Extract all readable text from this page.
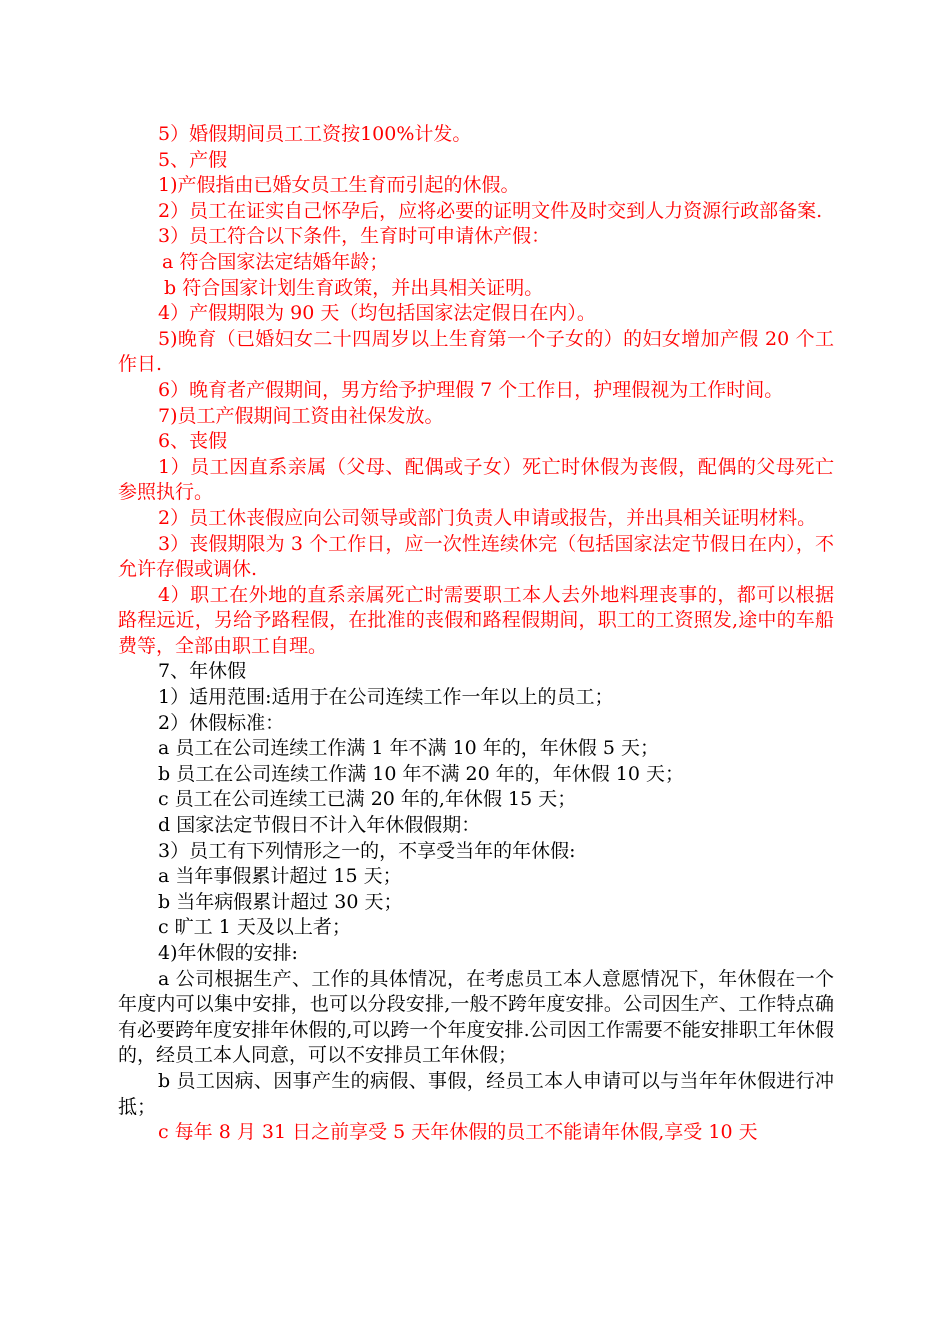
5）婚假期间员工工资按100%计发。

5、产假

1)产假指由已婚女员工生育而引起的休假。

2）员工在证实自己怀孕后，应将必要的证明文件及时交到人力资源行政部备案.

3）员工符合以下条件，生育时可申请休产假：

a 符合国家法定结婚年龄；

b 符合国家计划生育政策，并出具相关证明。

4）产假期限为 90 天（均包括国家法定假日在内）。

5)晚育（已婚妇女二十四周岁以上生育第一个子女的）的妇女增加产假 20 个工作日.

6）晚育者产假期间，男方给予护理假 7 个工作日，护理假视为工作时间。

7)员工产假期间工资由社保发放。

6、丧假

1）员工因直系亲属（父母、配偶或子女）死亡时休假为丧假，配偶的父母死亡参照执行。

2）员工休丧假应向公司领导或部门负责人申请或报告，并出具相关证明材料。

3）丧假期限为 3 个工作日，应一次性连续休完（包括国家法定节假日在内），不允许存假或调休.

4）职工在外地的直系亲属死亡时需要职工本人去外地料理丧事的，都可以根据路程远近，另给予路程假，在批准的丧假和路程假期间，职工的工资照发,途中的车船费等，全部由职工自理。

7、年休假

1）适用范围:适用于在公司连续工作一年以上的员工；

2）休假标准：

a 员工在公司连续工作满 1 年不满 10 年的，年休假 5 天；

b 员工在公司连续工作满 10 年不满 20 年的，年休假 10 天；

c 员工在公司连续工已满 20 年的,年休假 15 天；

d 国家法定节假日不计入年休假假期：

3）员工有下列情形之一的，不享受当年的年休假:

a 当年事假累计超过 15 天；

b 当年病假累计超过 30 天；

c 旷工 1 天及以上者；

4)年休假的安排:

a 公司根据生产、工作的具体情况，在考虑员工本人意愿情况下，年休假在一个年度内可以集中安排，也可以分段安排,一般不跨年度安排。公司因生产、工作特点确有必要跨年度安排年休假的,可以跨一个年度安排.公司因工作需要不能安排职工年休假的，经员工本人同意，可以不安排员工年休假；

b 员工因病、因事产生的病假、事假，经员工本人申请可以与当年年休假进行冲抵；

c 每年 8 月 31 日之前享受 5 天年休假的员工不能请年休假,享受 10 天
